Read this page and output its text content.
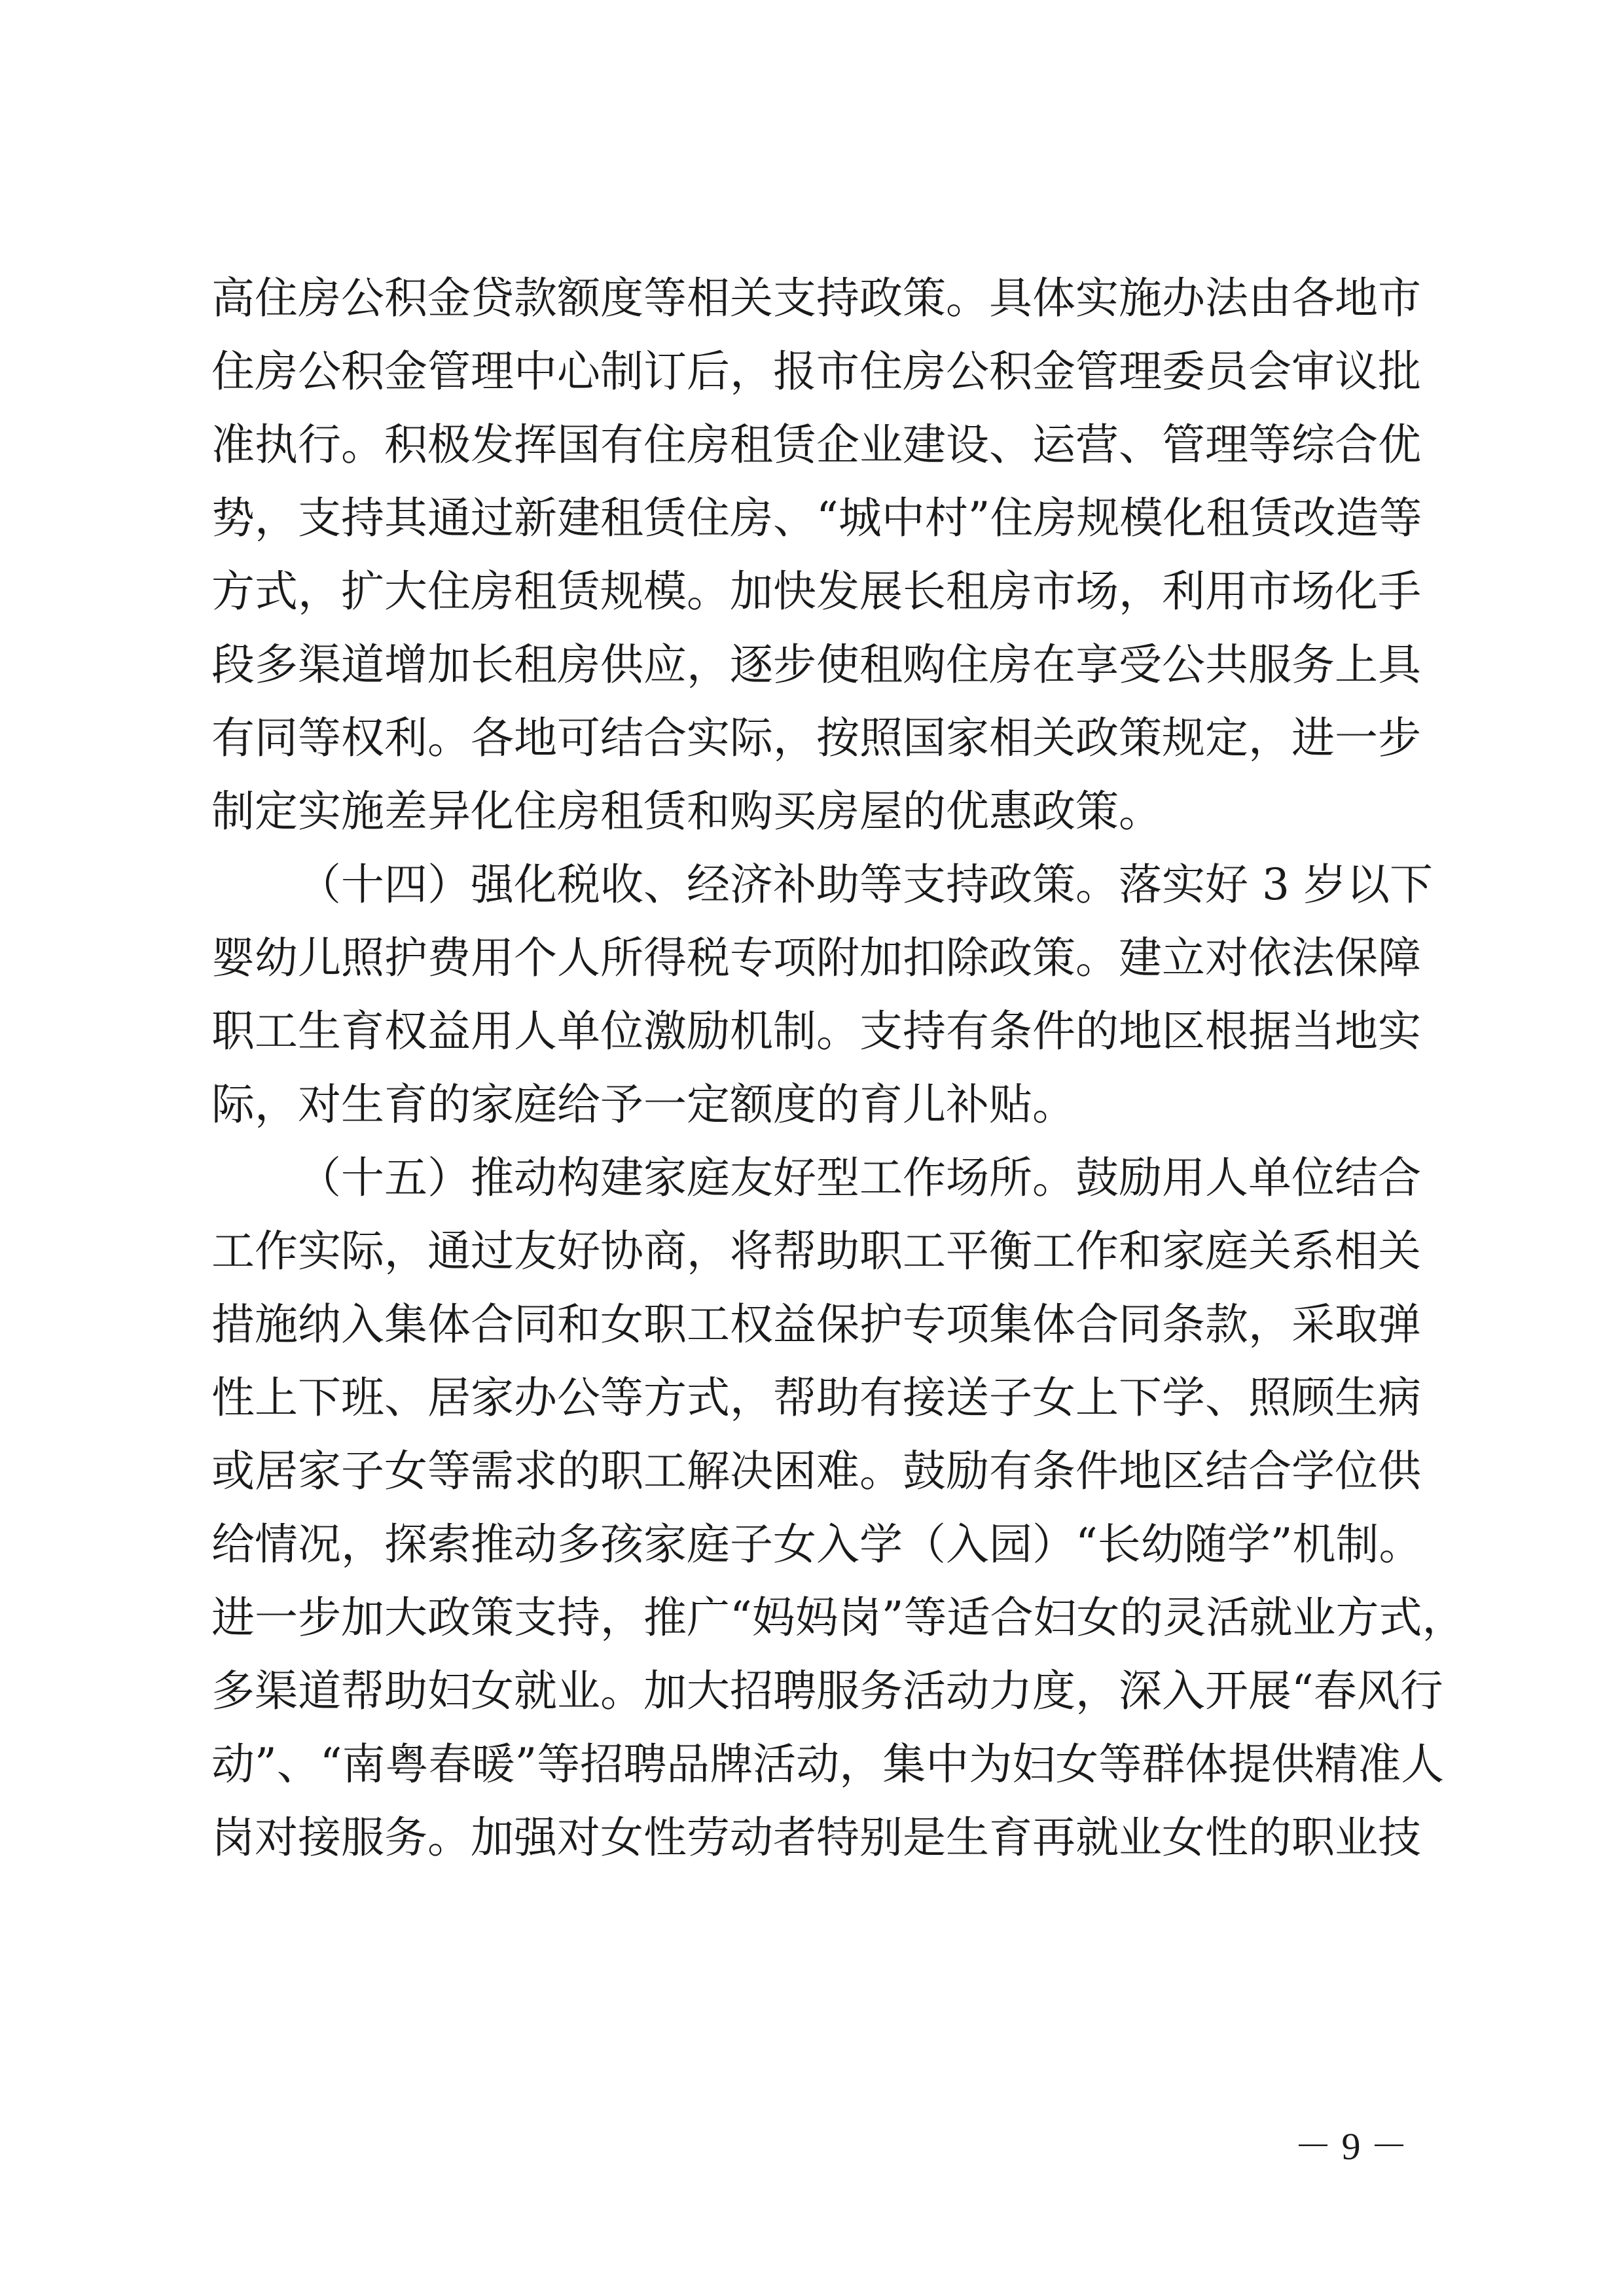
高住房公积金贷款额度等相关支持政策。具体实施办法由各地市
住房公积金管理中心制订后，报市住房公积金管理委员会审议批
准执行。积极发挥国有住房租赁企业建设、运营、管理等综合优
势，支持其通过新建租赁住房、“城中村”住房规模化租赁改造等
方式，扩大住房租赁规模。加快发展长租房市场，利用市场化手
段多渠道增加长租房供应，逐步使租购住房在享受公共服务上具
有同等权利。各地可结合实际，按照国家相关政策规定，进一步
制定实施差异化住房租赁和购买房屋的优惠政策。
（十四）强化税收、经济补助等支持政策。落实好 3 岁以下
婴幼儿照护费用个人所得税专项附加扣除政策。建立对依法保障
职工生育权益用人单位激励机制。支持有条件的地区根据当地实
际，对生育的家庭给予一定额度的育儿补贴。
（十五）推动构建家庭友好型工作场所。鼓励用人单位结合
工作实际，通过友好协商，将帮助职工平衡工作和家庭关系相关
措施纳入集体合同和女职工权益保护专项集体合同条款，采取弹
性上下班、居家办公等方式，帮助有接送子女上下学、照顾生病
或居家子女等需求的职工解决困难。鼓励有条件地区结合学位供
给情况，探索推动多孩家庭子女入学（入园）“长幼随学”机制。
进一步加大政策支持，推广“妈妈岗”等适合妇女的灵活就业方式，
多渠道帮助妇女就业。加大招聘服务活动力度，深入开展“春风行
动”、“南粤春暖”等招聘品牌活动，集中为妇女等群体提供精准人
岗对接服务。加强对女性劳动者特别是生育再就业女性的职业技
－ 9 －
